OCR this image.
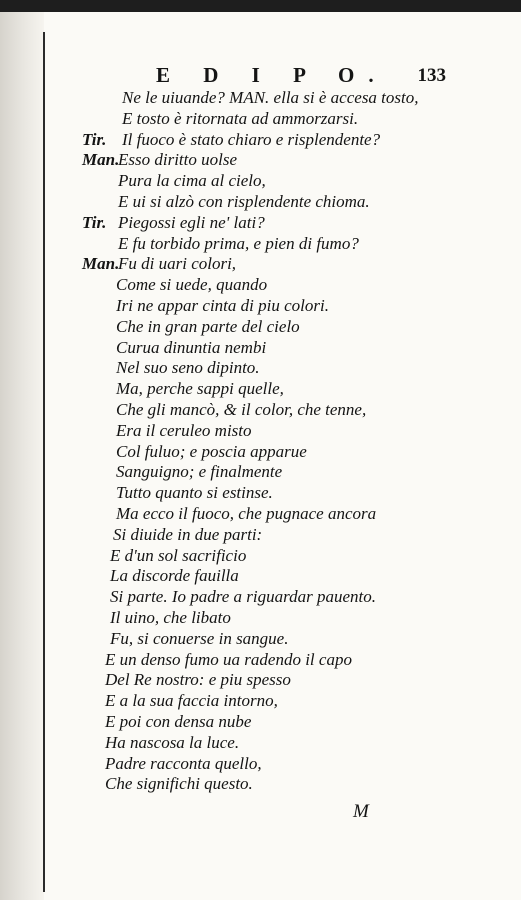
E D I P O. 133
Ne le uiuande? MAN. ella si è accesa tosto,
E tosto è ritornata ad ammorzarsi.
Tir. Il fuoco è stato chiaro e risplendente?
Man.
Esso diritto uolse
Pura la cima al cielo,
E ui si alzò con risplendente chioma.
Tir. Piegossi egli ne' lati?
E fu torbido prima, e pien di fumo?
Man.
Fu di uari colori,
Come si uede, quando
Iri ne appar cinta di piu colori.
Che in gran parte del cielo
Curua dinuntia nembi
Nel suo seno dipinto.
Ma, perche sappi quelle,
Che gli mancò, & il color, che tenne,
Era il ceruleo misto
Col fuluo; e poscia apparue
Sanguigno; e finalmente
Tutto quanto si estinse.
Ma ecco il fuoco, che pugnace ancora
Si diuide in due parti:
E d'un sol sacrificio
La discorde fauilla
Si parte. Io padre a riguardar pauento.
Il uino, che libato
Fu, si conuerse in sangue.
E un denso fumo ua radendo il capo
Del Re nostro: e piu spesso
E a la sua faccia intorno,
E poi con densa nube
Ha nascosa la luce.
Padre racconta quello,
Che significhi questo.
M
